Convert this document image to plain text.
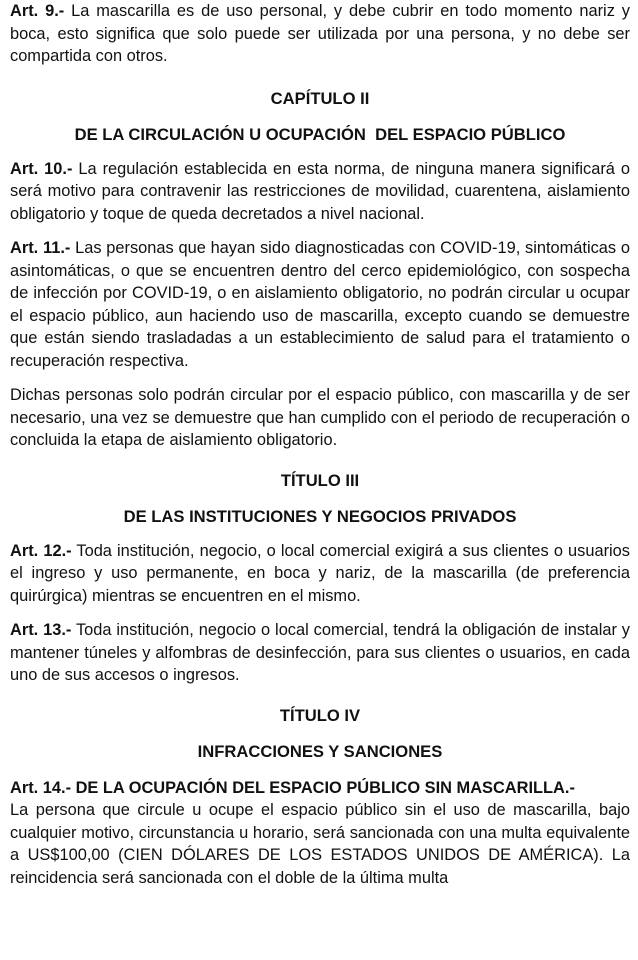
Art. 9.- La mascarilla es de uso personal, y debe cubrir en todo momento nariz y boca, esto significa que solo puede ser utilizada por una persona, y no debe ser compartida con otros.

CAPÍTULO II

DE LA CIRCULACIÓN U OCUPACIÓN  DEL ESPACIO PÚBLICO

Art. 10.- La regulación establecida en esta norma, de ninguna manera significará o será motivo para contravenir las restricciones de movilidad, cuarentena, aislamiento obligatorio y toque de queda decretados a nivel nacional.

Art. 11.- Las personas que hayan sido diagnosticadas con COVID-19, sintomáticas o asintomáticas, o que se encuentren dentro del cerco epidemiológico, con sospecha de infección por COVID-19, o en aislamiento obligatorio, no podrán circular u ocupar el espacio público, aun haciendo uso de mascarilla, excepto cuando se demuestre que están siendo trasladadas a un establecimiento de salud para el tratamiento o recuperación respectiva.

Dichas personas solo podrán circular por el espacio público, con mascarilla y de ser necesario, una vez se demuestre que han cumplido con el periodo de recuperación o concluida la etapa de aislamiento obligatorio.

TÍTULO III

DE LAS INSTITUCIONES Y NEGOCIOS PRIVADOS

Art. 12.- Toda institución, negocio, o local comercial exigirá a sus clientes o usuarios el ingreso y uso permanente, en boca y nariz, de la mascarilla (de preferencia quirúrgica) mientras se encuentren en el mismo.

Art. 13.- Toda institución, negocio o local comercial, tendrá la obligación de instalar y mantener túneles y alfombras de desinfección, para sus clientes o usuarios, en cada uno de sus accesos o ingresos.

TÍTULO IV

INFRACCIONES Y SANCIONES

Art. 14.- DE LA OCUPACIÓN DEL ESPACIO PÚBLICO SIN MASCARILLA.-
La persona que circule u ocupe el espacio público sin el uso de mascarilla, bajo cualquier motivo, circunstancia u horario, será sancionada con una multa equivalente a US$100,00 (CIEN DÓLARES DE LOS ESTADOS UNIDOS DE AMÉRICA). La reincidencia será sancionada con el doble de la última multa
